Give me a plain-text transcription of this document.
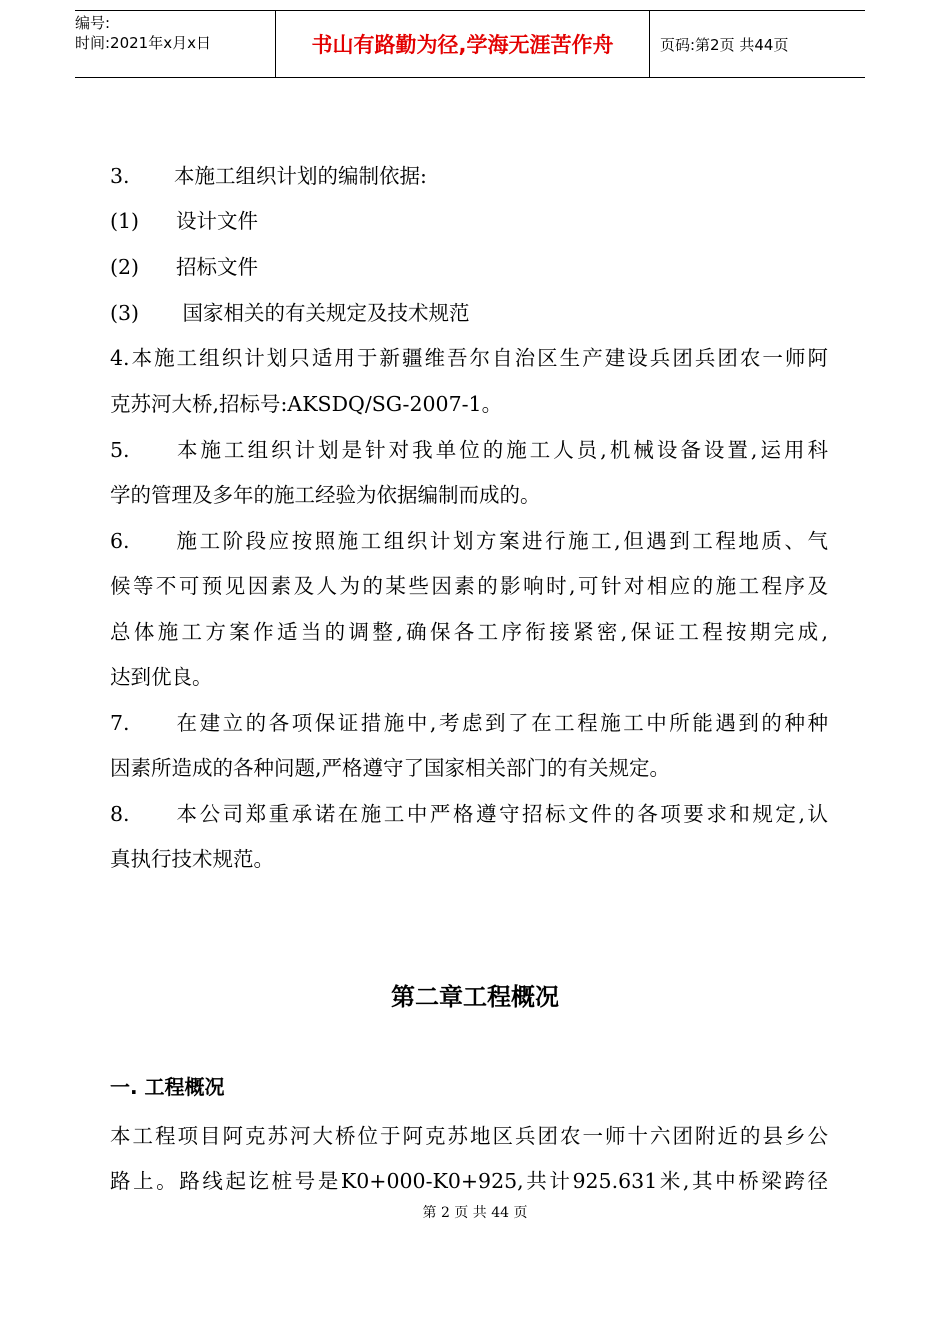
编号:
时间:2021年x月x日	书山有路勤为径,学海无涯苦作舟	页码:第2页 共44页
3. 本施工组织计划的编制依据:
(1) 设计文件
(2) 招标文件
(3) 国家相关的有关规定及技术规范
4.本施工组织计划只适用于新疆维吾尔自治区生产建设兵团兵团农一师阿
克苏河大桥,招标号:AKSDQ/SG-2007-1。
5. 本施工组织计划是针对我单位的施工人员,机械设备设置,运用科
学的管理及多年的施工经验为依据编制而成的。
6. 施工阶段应按照施工组织计划方案进行施工,但遇到工程地质、气
候等不可预见因素及人为的某些因素的影响时,可针对相应的施工程序及
总体施工方案作适当的调整,确保各工序衔接紧密,保证工程按期完成,
达到优良。
7. 在建立的各项保证措施中,考虑到了在工程施工中所能遇到的种种
因素所造成的各种问题,严格遵守了国家相关部门的有关规定。
8. 本公司郑重承诺在施工中严格遵守招标文件的各项要求和规定,认
真执行技术规范。
第二章工程概况
一. 工程概况
本工程项目阿克苏河大桥位于阿克苏地区兵团农一师十六团附近的县乡公
路上。路线起讫桩号是K0+000-K0+925,共计925.631米,其中桥梁跨径
第 2 页 共 44 页
